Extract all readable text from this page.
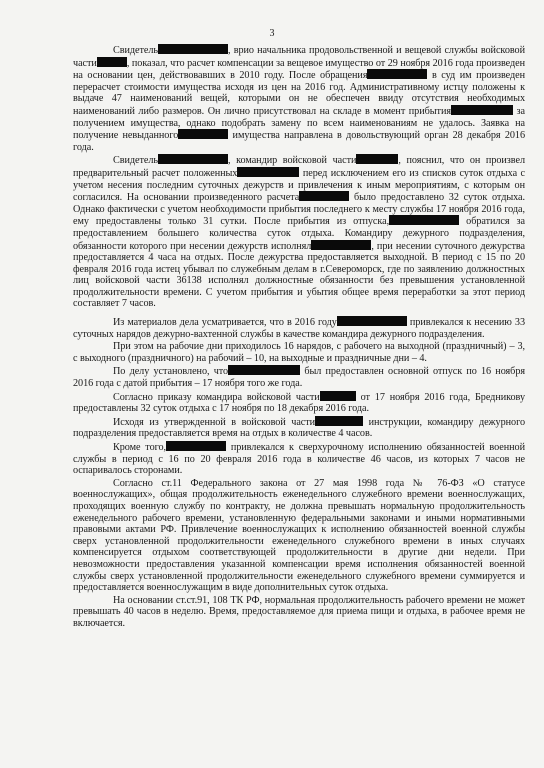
3

Свидетель	, врио начальника продовольственной и вещевой службы войсковой части	, показал, что расчет компенсации за вещевое имущество от 29 ноября 2016 года произведен на основании цен, действовавших в 2010 году. После обращения	в суд им произведен перерасчет стоимости имущества исходя из цен на 2016 год. Административному истцу положены к выдаче 47 наименований вещей, которыми он не обеспечен ввиду отсутствия необходимых наименований либо размеров. Он лично присутствовал на складе в момент прибытия	за получением имущества, однако подобрать замену по всем наименованиям не удалось. Заявка на получение невыданного	имущества направлена в довольствующий орган 28 декабря 2016 года.

Свидетель	, командир войсковой части	, пояснил, что он произвел предварительный расчет положенных	перед исключением его из списков суток отдыха с учетом несения последним суточных дежурств и привлечения к иным мероприятиям, с которым он согласился. На основании произведенного расчета	было предоставлено 32 суток отдыха. Однако фактически с учетом необходимости прибытия последнего к месту службы 17 ноября 2016 года, ему предоставлены только 31 сутки. После прибытия из отпуска,	обратился за предоставлением большего количества суток отдыха. Командиру дежурного подразделения, обязанности которого при несении дежурств исполнял	, при несении суточного дежурства предоставляется 4 часа на отдых. После дежурства предоставляется выходной. В период с 15 по 20 февраля 2016 года истец убывал по служебным делам в г.Североморск, где по заявлению должностных лиц войсковой части 36138 исполнял должностные обязанности без превышения установленной продолжительности времени. С учетом прибытия и убытия общее время переработки за этот период составляет 7 часов.

Из материалов дела усматривается, что в 2016 году	привлекался к несению 33 суточных нарядов дежурно-вахтенной службы в качестве командира дежурного подразделения.

При этом на рабочие дни приходилось 16 нарядов, с рабочего на выходной (праздничный) – 3, с выходного (праздничного) на рабочий – 10, на выходные и праздничные дни – 4.

По делу установлено, что	был предоставлен основной отпуск по 16 ноября 2016 года с датой прибытия – 17 ноября того же года.

Согласно приказу командира войсковой части	от 17 ноября 2016 года, Бредникову предоставлены 32 суток отдыха с 17 ноября по 18 декабря 2016 года.

Исходя из утвержденной в войсковой части	инструкции, командиру дежурного подразделения предоставляется время на отдых в количестве 4 часов.

Кроме того,	привлекался к сверхурочному исполнению обязанностей военной службы в период с 16 по 20 февраля 2016 года в количестве 46 часов, из которых 7 часов не оспаривалось сторонами.

Согласно ст.11 Федерального закона от 27 мая 1998 года № 76-ФЗ «О статусе военнослужащих», общая продолжительность еженедельного служебного времени военнослужащих, проходящих военную службу по контракту, не должна превышать нормальную продолжительность еженедельного рабочего времени, установленную федеральными законами и иными нормативными правовыми актами РФ. Привлечение военнослужащих к исполнению обязанностей военной службы сверх установленной продолжительности еженедельного служебного времени в иных случаях компенсируется отдыхом соответствующей продолжительности в другие дни недели. При невозможности предоставления указанной компенсации время исполнения обязанностей военной службы сверх установленной продолжительности еженедельного служебного времени суммируется и предоставляется военнослужащим в виде дополнительных суток отдыха.

На основании ст.ст.91, 108 ТК РФ, нормальная продолжительность рабочего времени не может превышать 40 часов в неделю. Время, предоставляемое для приема пищи и отдыха, в рабочее время не включается.
